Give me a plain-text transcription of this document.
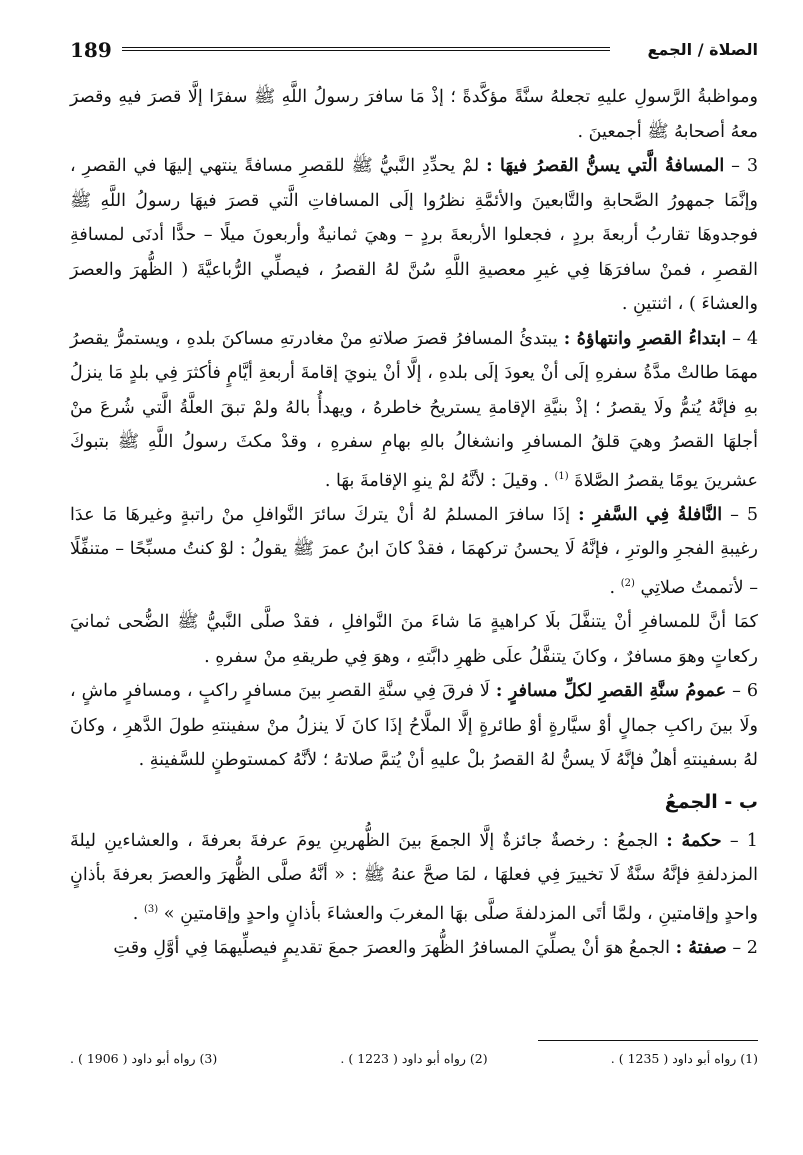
189	الصلاة / الجمع

ومواظبةُ الرَّسولِ عليهِ تجعلهُ سنَّةً مؤكَّدةً ؛ إذْ مَا سافرَ رسولُ اللَّهِ ﷺ سفرًا إلَّا قصرَ فيهِ وقصرَ معهُ أصحابهُ ﷺ أجمعينَ .

3 – المسافةُ الَّتي يسنُّ القصرُ فيهَا : لمْ يحدِّدِ النَّبيُّ ﷺ للقصرِ مسافةً ينتهي إليهَا في القصرِ ، وإنَّمَا جمهورُ الصَّحابةِ والتَّابعينَ والأئمَّةِ نظرُوا إلَى المسافاتِ الَّتي قصرَ فيهَا رسولُ اللَّهِ ﷺ فوجدوهَا تقاربُ أربعةَ بردٍ ، فجعلوا الأربعةَ بردٍ – وهيَ ثمانيةٌ وأربعونَ ميلًا – حدًّا أدنَى لمسافةِ القصرِ ، فمنْ سافرَهَا فِي غيرِ معصيةِ اللَّهِ سُنَّ لهُ القصرُ ، فيصلِّي الرُّباعيَّةَ ( الظُّهرَ والعصرَ والعشاءَ ) ، اثنتينِ .

4 – ابتداءُ القصرِ وانتهاؤهُ : يبتدئُ المسافرُ قصرَ صلاتهِ منْ مغادرتهِ مساكنَ بلدهِ ، ويستمرُّ يقصرُ مهمَا طالتْ مدَّةُ سفرهِ إلَى أنْ يعودَ إلَى بلدهِ ، إلَّا أنْ ينويَ إقامةَ أربعةِ أيَّامٍ فأكثرَ فِي بلدٍ مَا ينزلُ بهِ فإنَّهُ يُتمُّ ولَا يقصرُ ؛ إذْ بنيَّةِ الإقامةِ يستريحُ خاطرهُ ، ويهدأُ بالهُ ولمْ تبقَ العلَّةُ الَّتي شُرعَ منْ أجلهَا القصرُ وهيَ قلقُ المسافرِ وانشغالُ بالهِ بهامِ سفرهِ ، وقدْ مكثَ رسولُ اللَّهِ ﷺ بتبوكَ عشرينَ يومًا يقصرُ الصَّلاةَ $^{(1)}$ . وقيلَ : لأنَّهُ لمْ ينوِ الإقامةَ بهَا .

5 – النَّافلةُ فِي السَّفرِ : إذَا سافرَ المسلمُ لهُ أنْ يتركَ سائرَ النَّوافلِ منْ راتبةٍ وغيرهَا مَا عدَا رغيبةِ الفجرِ والوترِ ، فإنَّهُ لَا يحسنُ تركهمَا ، فقدْ كانَ ابنُ عمرَ ﷺ يقولُ : لوْ كنتُ مسبِّحًا – متنفِّلًا – لأتممتُ صلاتِي $^{(2)}$ .

كمَا أنَّ للمسافرِ أنْ يتنفَّلَ بلَا كراهيةٍ مَا شاءَ منَ النَّوافلِ ، فقدْ صلَّى النَّبيُّ ﷺ الضُّحى ثمانيَ ركعاتٍ وهوَ مسافرٌ ، وكانَ يتنفَّلُ علَى ظهرِ دابَّتهِ ، وهوَ فِي طريقهِ منْ سفرهِ .

6 – عمومُ سنَّةِ القصرِ لكلِّ مسافرٍ : لَا فرقَ فِي سنَّةِ القصرِ بينَ مسافرٍ راكبٍ ، ومسافرٍ ماشٍ ، ولَا بينَ راكبِ جمالٍ أوْ سيَّارةٍ أوْ طائرةٍ إلَّا الملَّاحُ إذَا كانَ لَا ينزلُ منْ سفينتهِ طولَ الدَّهرِ ، وكانَ لهُ بسفينتهِ أهلٌ فإنَّهُ لَا يسنُّ لهُ القصرُ بلْ عليهِ أنْ يُتمَّ صلاتهُ ؛ لأنَّهُ كمستوطنٍ للسَّفينةِ .

ب - الجمعُ

1 – حكمهُ : الجمعُ : رخصةٌ جائزةٌ إلَّا الجمعَ بينَ الظُّهرينِ يومَ عرفةَ بعرفةَ ، والعشاءينِ ليلةَ المزدلفةِ فإنَّهُ سنَّةٌ لَا تخييرَ فِي فعلهَا ، لمَا صحَّ عنهُ ﷺ : « أنَّهُ صلَّى الظُّهرَ والعصرَ بعرفةَ بأذانٍ واحدٍ وإقامتينِ ، ولمَّا أتَى المزدلفةَ صلَّى بهَا المغربَ والعشاءَ بأذانٍ واحدٍ وإقامتينِ » $^{(3)}$ .

2 – صفتهُ : الجمعُ هوَ أنْ يصلِّيَ المسافرُ الظُّهرَ والعصرَ جمعَ تقديمٍ فيصلِّيهمَا فِي أوَّلِ وقتِ

(1) رواه أبو داود ( 1235 ) .
(2) رواه أبو داود ( 1223 ) .
(3) رواه أبو داود ( 1906 ) .
